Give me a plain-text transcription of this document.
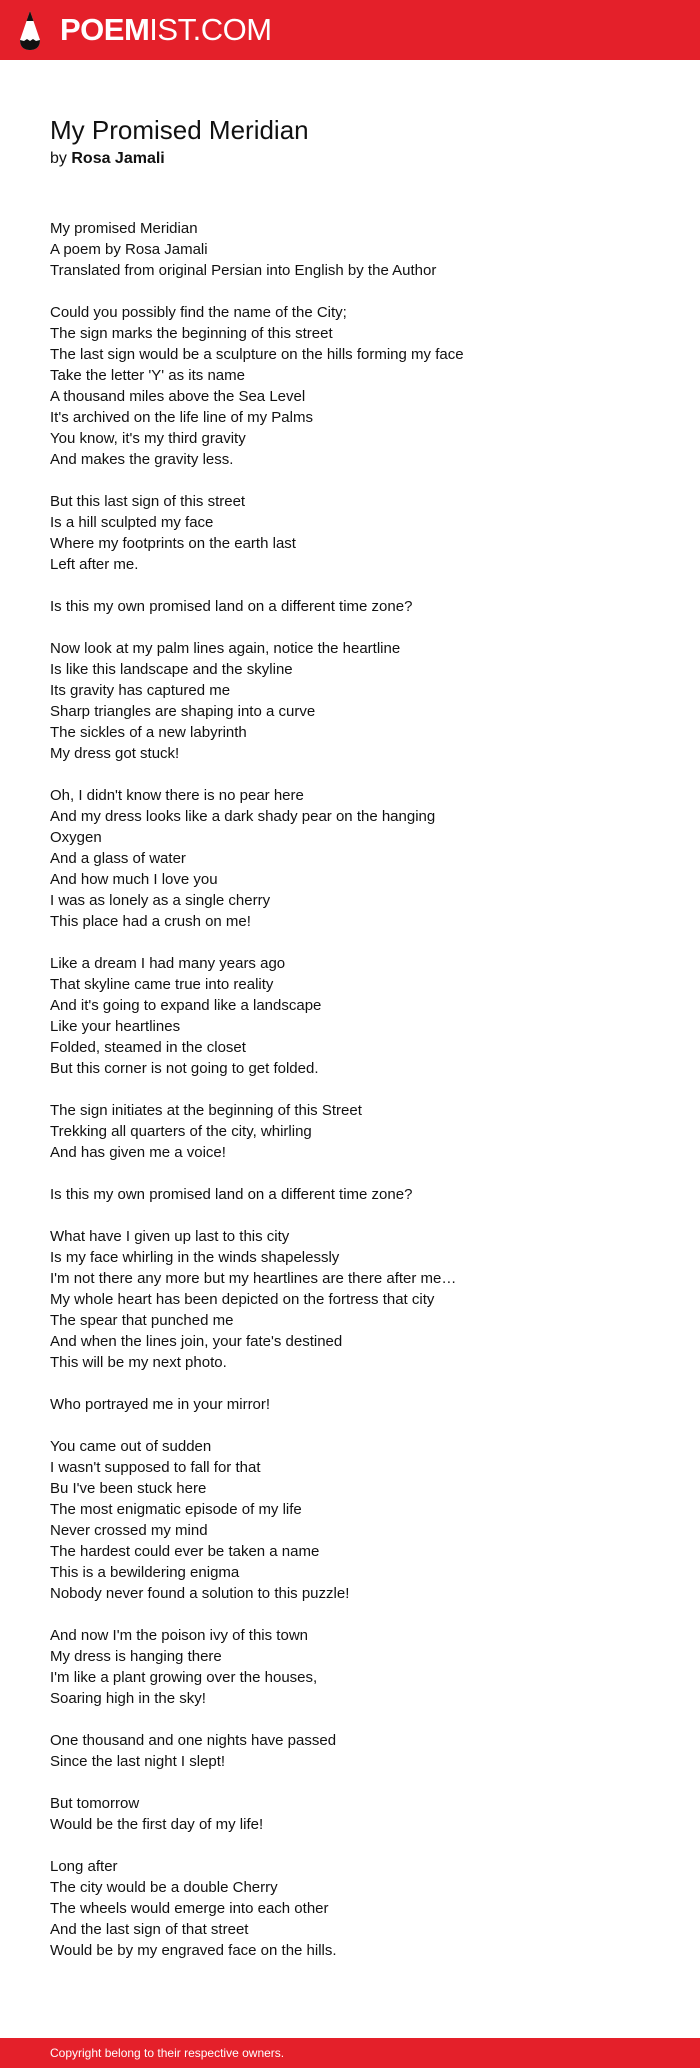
POEMIST.COM
My Promised Meridian
by Rosa Jamali
My promised Meridian
A poem by Rosa Jamali
Translated from original Persian into English by the Author
Could you possibly find the name of the City;
The sign marks the beginning of this street
The last sign would be a sculpture on the hills forming my face
Take the letter 'Y' as its name
A thousand miles above the Sea Level
It's archived on the life line of my Palms
You know, it's my third gravity
And makes the gravity less.
But this last sign of this street
Is a hill sculpted my face
Where my footprints on the earth last
Left after me.
Is this my own promised land on a different time zone?
Now look at my palm lines again, notice the heartline
Is like this landscape and the skyline
Its gravity has captured me
Sharp triangles are shaping into a curve
The sickles of a new labyrinth
My dress got stuck!
Oh, I didn't know there is no pear here
And my dress looks like a dark shady pear on the hanging
Oxygen
And a glass of water
And how much I love you
I was as lonely as a single cherry
This place had a crush on me!
Like a dream I had many years ago
That skyline came true into reality
And it's going to expand like a landscape
Like your heartlines
Folded, steamed in the closet
But this corner is not going to get folded.
The sign initiates at the beginning of this Street
Trekking all quarters of the city, whirling
And has given me a voice!
Is this my own promised land on a different time zone?
What have I given up last to this city
Is my face whirling in the winds shapelessly
I'm not there any more but my heartlines are there after me…
My whole heart has been depicted on the fortress that city
The spear that punched me
And when the lines join, your fate's destined
This will be my next photo.
Who portrayed me in your mirror!
You came out of sudden
I wasn't supposed to fall for that
Bu I've been stuck here
The most enigmatic episode of my life
Never crossed my mind
The hardest could ever be taken a name
This is a bewildering enigma
Nobody never found a solution to this puzzle!
And now I'm the poison ivy of this town
My dress is hanging there
I'm like a plant growing over the houses,
Soaring high in the sky!
One thousand and one nights have passed
Since the last night I slept!
But tomorrow
Would be the first day of my life!
Long after
The city would be a double Cherry
The wheels would emerge into each other
And the last sign of that street
Would be by my engraved face on the hills.
Copyright belong to their respective owners.
